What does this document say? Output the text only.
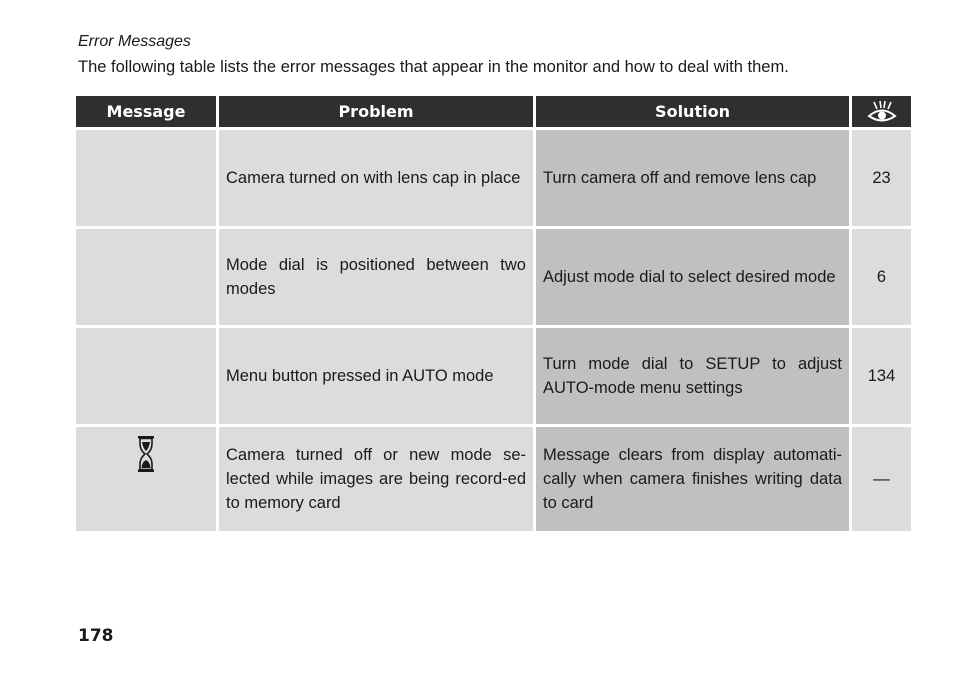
Error Messages
The following table lists the error messages that appear in the monitor and how to deal with them.
Message	Problem	Solution	

	Camera turned on with lens cap in place	Turn camera off and remove lens cap	23
	Mode dial is positioned between two modes	Adjust mode dial to select desired mode	6
	Menu button pressed in AUTO mode	Turn mode dial to SETUP to adjust AUTO-mode menu settings	134
	Camera turned off or new mode se-lected while images are being record-ed to memory card	Message clears from display automati-cally when camera finishes writing data to card	—
178
